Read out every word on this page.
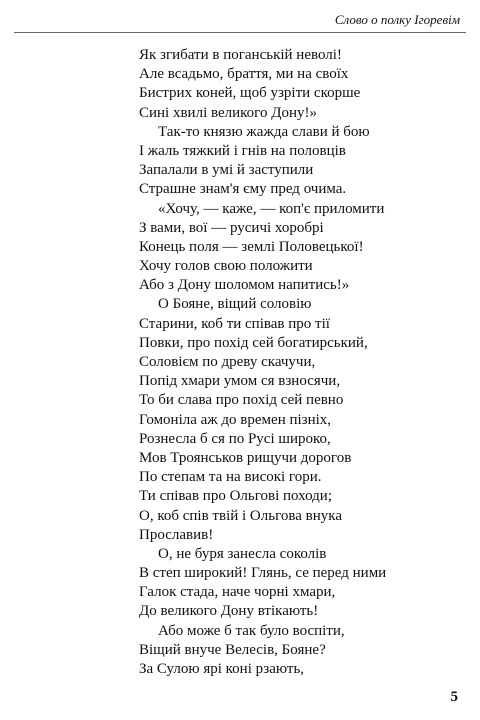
Слово о полку Ігоревім
Як згибати в поганській неволі!
Але всадьмо, браття, ми на своїх
Бистрих коней, щоб узріти скорше
Сині хвилі великого Дону!»
Так-то князю жажда слави й бою
І жаль тяжкий і гнів на половців
Запалали в умі й заступили
Страшне знам'я єму пред очима.
«Хочу, — каже, — коп'є приломити
З вами, вої — русичі хоробрі
Конець поля — землі Половецької!
Хочу голов свою положити
Або з Дону шоломом напитись!»
О Бояне, віщий соловію
Старини, коб ти співав про тії
Повки, про похід сей богатирський,
Соловієм по древу скачучи,
Попід хмари умом ся взносячи,
То би слава про похід сей певно
Гомоніла аж до времен пізніх,
Рознесла б ся по Русі широко,
Мов Троянськов рищучи дорогов
По степам та на високі гори.
Ти співав про Ольгові походи;
О, коб спів твій і Ольгова внука
Прославив!
О, не буря занесла соколів
В степ широкий! Глянь, се перед ними
Галок стада, наче чорні хмари,
До великого Дону втікають!
Або може б так було воспіти,
Віщий внуче Велесів, Бояне?
За Сулою ярі коні рзають,
5
